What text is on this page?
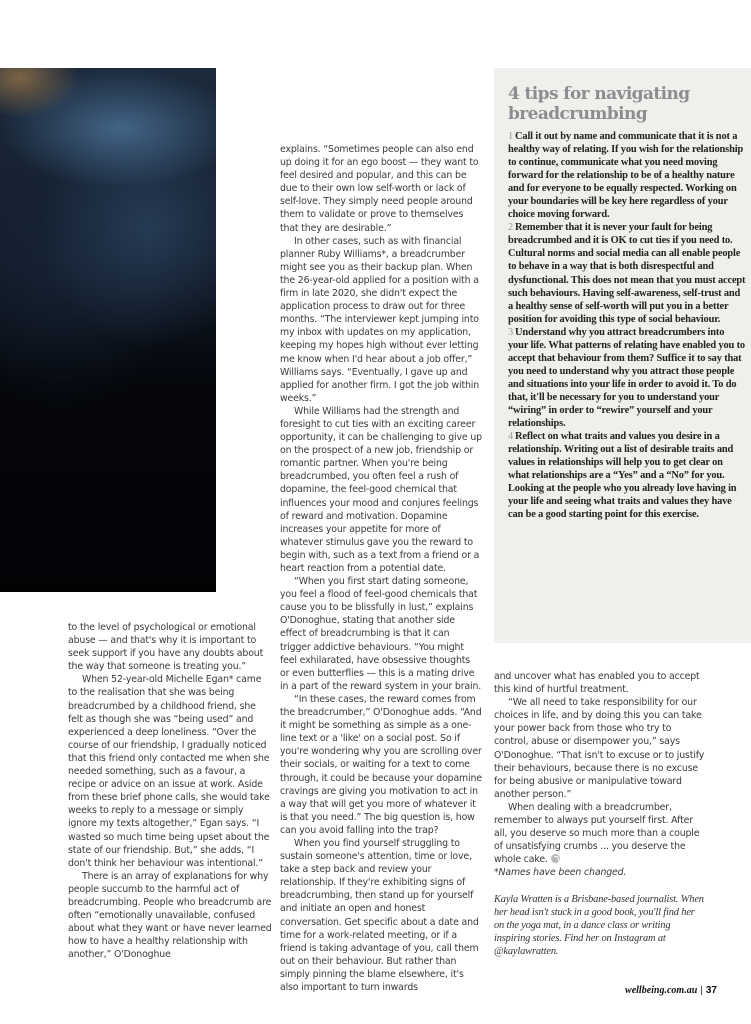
to the level of psychological or emotional abuse — and that's why it is important to seek support if you have any doubts about the way that someone is treating you.”

When 52-year-old Michelle Egan* came to the realisation that she was being breadcrumbed by a childhood friend, she felt as though she was “being used” and experienced a deep loneliness. “Over the course of our friendship, I gradually noticed that this friend only contacted me when she needed something, such as a favour, a recipe or advice on an issue at work. Aside from these brief phone calls, she would take weeks to reply to a message or simply ignore my texts altogether,” Egan says. “I wasted so much time being upset about the state of our friendship. But,” she adds, “I don't think her behaviour was intentional.”

There is an array of explanations for why people succumb to the harmful act of breadcrumbing. People who breadcrumb are often “emotionally unavailable, confused about what they want or have never learned how to have a healthy relationship with another,” O'Donoghue

explains. “Sometimes people can also end up doing it for an ego boost — they want to feel desired and popular, and this can be due to their own low self-worth or lack of self-love. They simply need people around them to validate or prove to themselves that they are desirable.”

In other cases, such as with financial planner Ruby Williams*, a breadcrumber might see you as their backup plan. When the 26-year-old applied for a position with a firm in late 2020, she didn't expect the application process to draw out for three months. “The interviewer kept jumping into my inbox with updates on my application, keeping my hopes high without ever letting me know when I'd hear about a job offer,” Williams says. “Eventually, I gave up and applied for another firm. I got the job within weeks.”

While Williams had the strength and foresight to cut ties with an exciting career opportunity, it can be challenging to give up on the prospect of a new job, friendship or romantic partner. When you're being breadcrumbed, you often feel a rush of dopamine, the feel-good chemical that influences your mood and conjures feelings of reward and motivation. Dopamine increases your appetite for more of whatever stimulus gave you the reward to begin with, such as a text from a friend or a heart reaction from a potential date.

“When you first start dating someone, you feel a flood of feel-good chemicals that cause you to be blissfully in lust,” explains O'Donoghue, stating that another side effect of breadcrumbing is that it can trigger addictive behaviours. “You might feel exhilarated, have obsessive thoughts or even butterflies — this is a mating drive in a part of the reward system in your brain.

“In these cases, the reward comes from the breadcrumber,” O'Donoghue adds. “And it might be something as simple as a one-line text or a 'like' on a social post. So if you're wondering why you are scrolling over their socials, or waiting for a text to come through, it could be because your dopamine cravings are giving you motivation to act in a way that will get you more of whatever it is that you need.” The big question is, how can you avoid falling into the trap?

When you find yourself struggling to sustain someone's attention, time or love, take a step back and review your relationship. If they're exhibiting signs of breadcrumbing, then stand up for yourself and initiate an open and honest conversation. Get specific about a date and time for a work-related meeting, or if a friend is taking advantage of you, call them out on their behaviour. But rather than simply pinning the blame elsewhere, it's also important to turn inwards

4 tips for navigating breadcrumbing

1 Call it out by name and communicate that it is not a healthy way of relating. If you wish for the relationship to continue, communicate what you need moving forward for the relationship to be of a healthy nature and for everyone to be equally respected. Working on your boundaries will be key here regardless of your choice moving forward.

2 Remember that it is never your fault for being breadcrumbed and it is OK to cut ties if you need to. Cultural norms and social media can all enable people to behave in a way that is both disrespectful and dysfunctional. This does not mean that you must accept such behaviours. Having self-awareness, self-trust and a healthy sense of self-worth will put you in a better position for avoiding this type of social behaviour.

3 Understand why you attract breadcrumbers into your life. What patterns of relating have enabled you to accept that behaviour from them? Suffice it to say that you need to understand why you attract those people and situations into your life in order to avoid it. To do that, it'll be necessary for you to understand your “wiring” in order to “rewire” yourself and your relationships.

4 Reflect on what traits and values you desire in a relationship. Writing out a list of desirable traits and values in relationships will help you to get clear on what relationships are a “Yes” and a “No” for you. Looking at the people who you already love having in your life and seeing what traits and values they have can be a good starting point for this exercise.

and uncover what has enabled you to accept this kind of hurtful treatment.

“We all need to take responsibility for our choices in life, and by doing this you can take your power back from those who try to control, abuse or disempower you,” says O'Donoghue. “That isn't to excuse or to justify their behaviours, because there is no excuse for being abusive or manipulative toward another person.”

When dealing with a breadcrumber, remember to always put yourself first. After all, you deserve so much more than a couple of unsatisfying crumbs ... you deserve the whole cake.

*Names have been changed.

Kayla Wratten is a Brisbane-based journalist. When her head isn't stuck in a good book, you'll find her on the yoga mat, in a dance class or writing inspiring stories. Find her on Instagram at @kaylawratten.

wellbeing.com.au | 37
